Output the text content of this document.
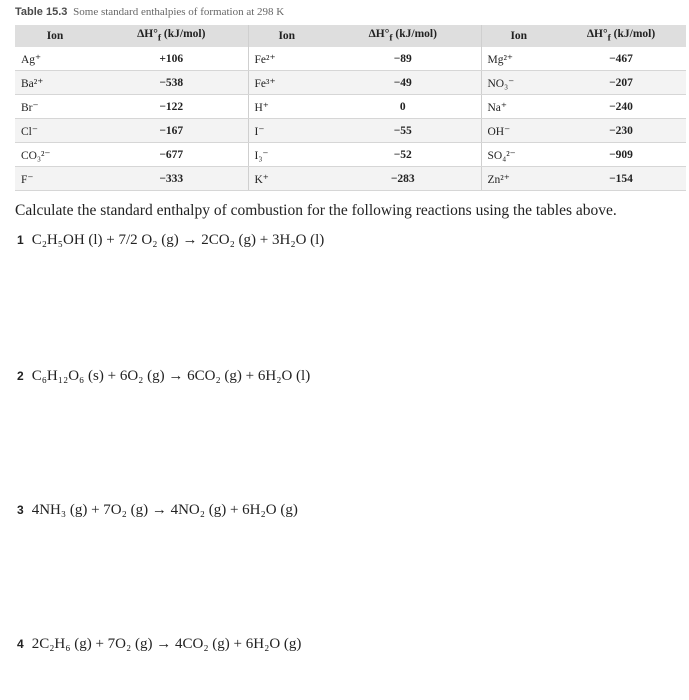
Table 15.3 Some standard enthalpies of formation at 298 K
Ion	$\Delta H^\circ_f$ (kJ/mol)	Ion	$\Delta H^\circ_f$ (kJ/mol)	Ion	$\Delta H^\circ_f$ (kJ/mol)
Ag⁺	+106	Fe²⁺	−89	Mg²⁺	−467
Ba²⁺	−538	Fe³⁺	−49	NO₃⁻	−207
Br⁻	−122	H⁺	0	Na⁺	−240
Cl⁻	−167	I⁻	−55	OH⁻	−230
CO₃²⁻	−677	I₃⁻	−52	SO₄²⁻	−909
F⁻	−333	K⁺	−283	Zn²⁺	−154
Calculate the standard enthalpy of combustion for the following reactions using the tables above.
1 C₂H₅OH (l) + 7/2 O₂ (g) → 2CO₂ (g) + 3H₂O (l)
2 C₆H₁₂O₆ (s) + 6O₂ (g) → 6CO₂ (g) + 6H₂O (l)
3 4NH₃ (g) + 7O₂ (g) → 4NO₂ (g) + 6H₂O (g)
4 2C₂H₆ (g) + 7O₂ (g) → 4CO₂ (g) + 6H₂O (g)
